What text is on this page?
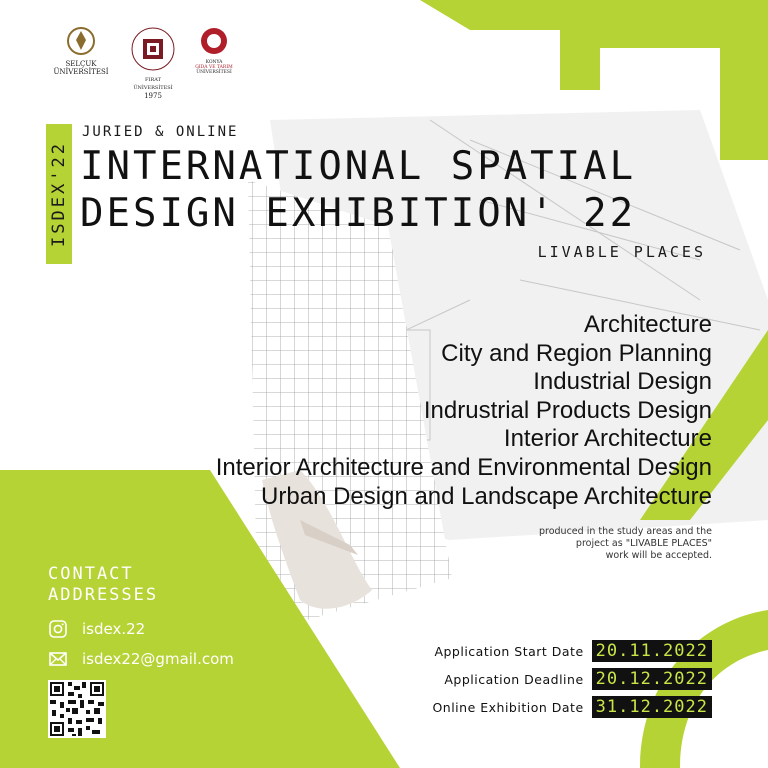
SELÇUK
ÜNİVERSİTESİ
FIRAT ÜNİVERSİTESİ
1975
KONYA
GIDA VE TARIM
ÜNİVERSİTESİ
ISDEX'22
JURIED & ONLINE
INTERNATIONAL SPATIAL
DESIGN EXHIBITION' 22
LIVABLE PLACES
Architecture
City and Region Planning
Industrial Design
Indrustrial Products Design
Interior Architecture
Interior Architecture and Environmental Design
Urban Design and Landscape Architecture
produced in the study areas and the
project as "LIVABLE PLACES"
work will be accepted.
CONTACT
ADDRESSES
isdex.22
isdex22@gmail.com	Application Start Date 20.11.2022
Application Deadline 20.12.2022
Online Exhibition Date 31.12.2022
